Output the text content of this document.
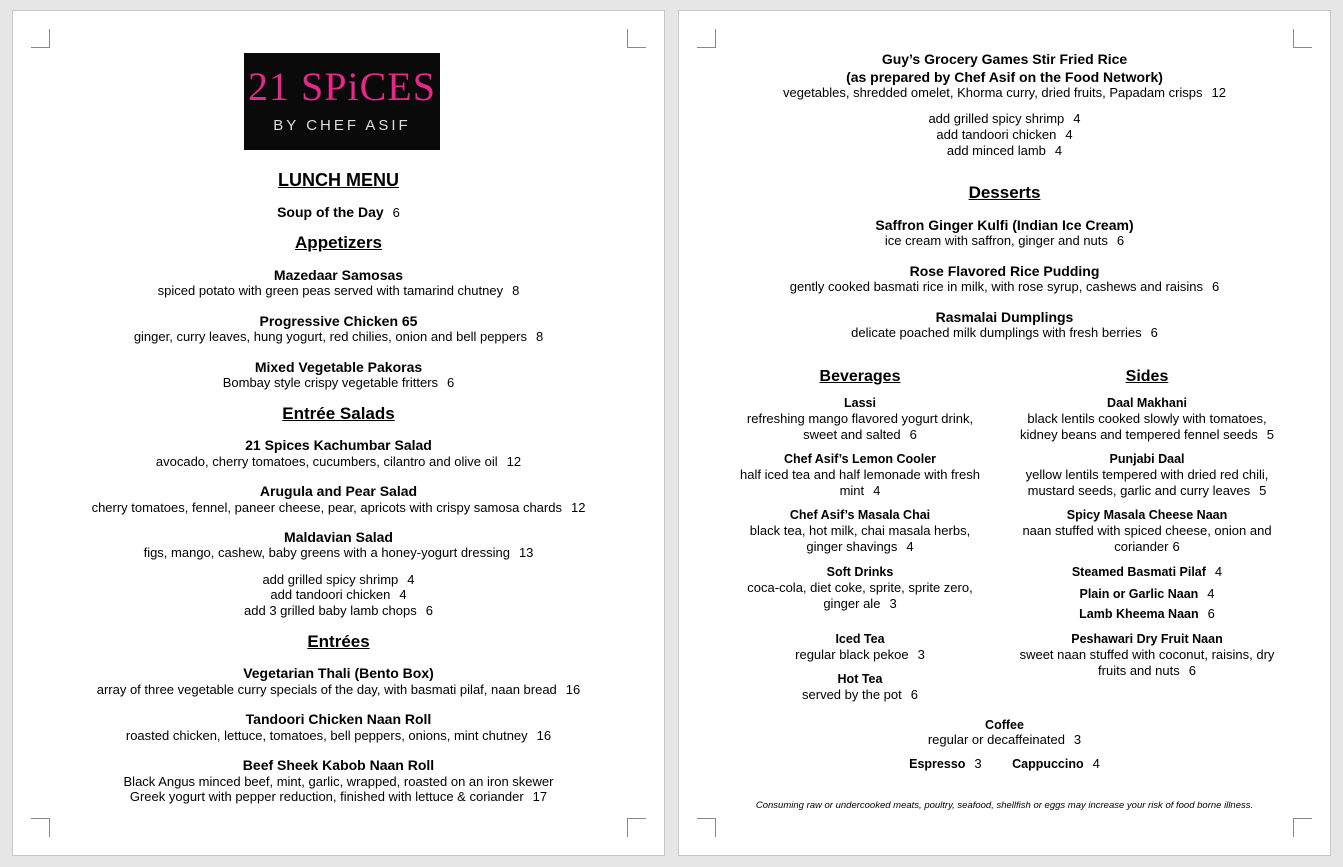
21 SPiCES
BY CHEF ASIF
LUNCH MENU
Soup of the Day 6
Appetizers
Mazedaar Samosas
spiced potato with green peas served with tamarind chutney 8
Progressive Chicken 65
ginger, curry leaves, hung yogurt, red chilies, onion and bell peppers 8
Mixed Vegetable Pakoras
Bombay style crispy vegetable fritters 6
Entrée Salads
21 Spices Kachumbar Salad
avocado, cherry tomatoes, cucumbers, cilantro and olive oil 12
Arugula and Pear Salad
cherry tomatoes, fennel, paneer cheese, pear, apricots with crispy samosa chards 12
Maldavian Salad
figs, mango, cashew, baby greens with a honey-yogurt dressing 13
add grilled spicy shrimp 4
add tandoori chicken 4
add 3 grilled baby lamb chops 6
Entrées
Vegetarian Thali (Bento Box)
array of three vegetable curry specials of the day, with basmati pilaf, naan bread 16
Tandoori Chicken Naan Roll
roasted chicken, lettuce, tomatoes, bell peppers, onions, mint chutney 16
Beef Sheek Kabob Naan Roll
Black Angus minced beef, mint, garlic, wrapped, roasted on an iron skewer
Greek yogurt with pepper reduction, finished with lettuce & coriander 17
Guy’s Grocery Games Stir Fried Rice
(as prepared by Chef Asif on the Food Network)
vegetables, shredded omelet, Khorma curry, dried fruits, Papadam crisps 12
add grilled spicy shrimp 4
add tandoori chicken 4
add minced lamb 4
Desserts
Saffron Ginger Kulfi (Indian Ice Cream)
ice cream with saffron, ginger and nuts 6
Rose Flavored Rice Pudding
gently cooked basmati rice in milk, with rose syrup, cashews and raisins 6
Rasmalai Dumplings
delicate poached milk dumplings with fresh berries 6
Beverages
Lassi
refreshing mango flavored yogurt drink,
sweet and salted 6
Chef Asif’s Lemon Cooler
half iced tea and half lemonade with fresh
mint 4
Chef Asif’s Masala Chai
black tea, hot milk, chai masala herbs,
ginger shavings 4
Soft Drinks
coca-cola, diet coke, sprite, sprite zero,
ginger ale 3
Iced Tea
regular black pekoe 3
Hot Tea
served by the pot 6
Sides
Daal Makhani
black lentils cooked slowly with tomatoes,
kidney beans and tempered fennel seeds 5
Punjabi Daal
yellow lentils tempered with dried red chili,
mustard seeds, garlic and curry leaves 5
Spicy Masala Cheese Naan
naan stuffed with spiced cheese, onion and
coriander 6
Steamed Basmati Pilaf 4
Plain or Garlic Naan 4
Lamb Kheema Naan 6
Peshawari Dry Fruit Naan
sweet naan stuffed with coconut, raisins, dry
fruits and nuts 6
Coffee
regular or decaffeinated 3
Espresso 3 Cappuccino 4
Consuming raw or undercooked meats, poultry, seafood, shellfish or eggs may increase your risk of food borne illness.
